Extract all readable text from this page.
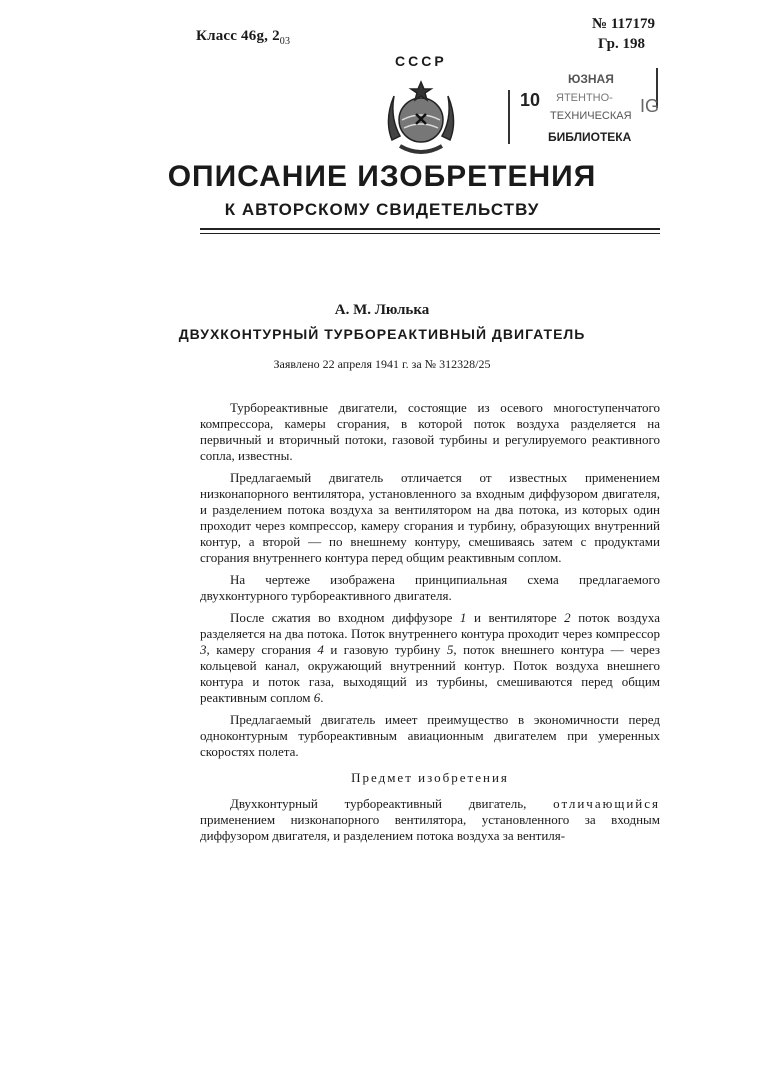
Класс 46g, $2_{03}$
№ 117179
Гр. 198
СССР
ЮЗНАЯ
10 ЯТЕНТНО- IG
ТЕХНИЧЕСКАЯ
БИБЛИОТЕКА
ОПИСАНИЕ ИЗОБРЕТЕНИЯ
К АВТОРСКОМУ СВИДЕТЕЛЬСТВУ
А. М. Люлька
ДВУХКОНТУРНЫЙ ТУРБОРЕАКТИВНЫЙ ДВИГАТЕЛЬ
Заявлено 22 апреля 1941 г. за № 312328/25

Турбореактивные двигатели, состоящие из осевого многоступенчатого компрессора, камеры сгорания, в которой поток воздуха разделяется на первичный и вторичный потоки, газовой турбины и регулируемого реактивного сопла, известны.

Предлагаемый двигатель отличается от известных применением низконапорного вентилятора, установленного за входным диффузором двигателя, и разделением потока воздуха за вентилятором на два потока, из которых один проходит через компрессор, камеру сгорания и турбину, образующих внутренний контур, а второй — по внешнему контуру, смешиваясь затем с продуктами сгорания внутреннего контура перед общим реактивным соплом.

На чертеже изображена принципиальная схема предлагаемого двухконтурного турбореактивного двигателя.

После сжатия во входном диффузоре 1 и вентиляторе 2 поток воздуха разделяется на два потока. Поток внутреннего контура проходит через компрессор 3, камеру сгорания 4 и газовую турбину 5, поток внешнего контура — через кольцевой канал, окружающий внутренний контур. Поток воздуха внешнего контура и поток газа, выходящий из турбины, смешиваются перед общим реактивным соплом 6.

Предлагаемый двигатель имеет преимущество в экономичности перед одноконтурным турбореактивным авиационным двигателем при умеренных скоростях полета.

Предмет изобретения

Двухконтурный турбореактивный двигатель, отличающийся применением низконапорного вентилятора, установленного за входным диффузором двигателя, и разделением потока воздуха за вентиля-
